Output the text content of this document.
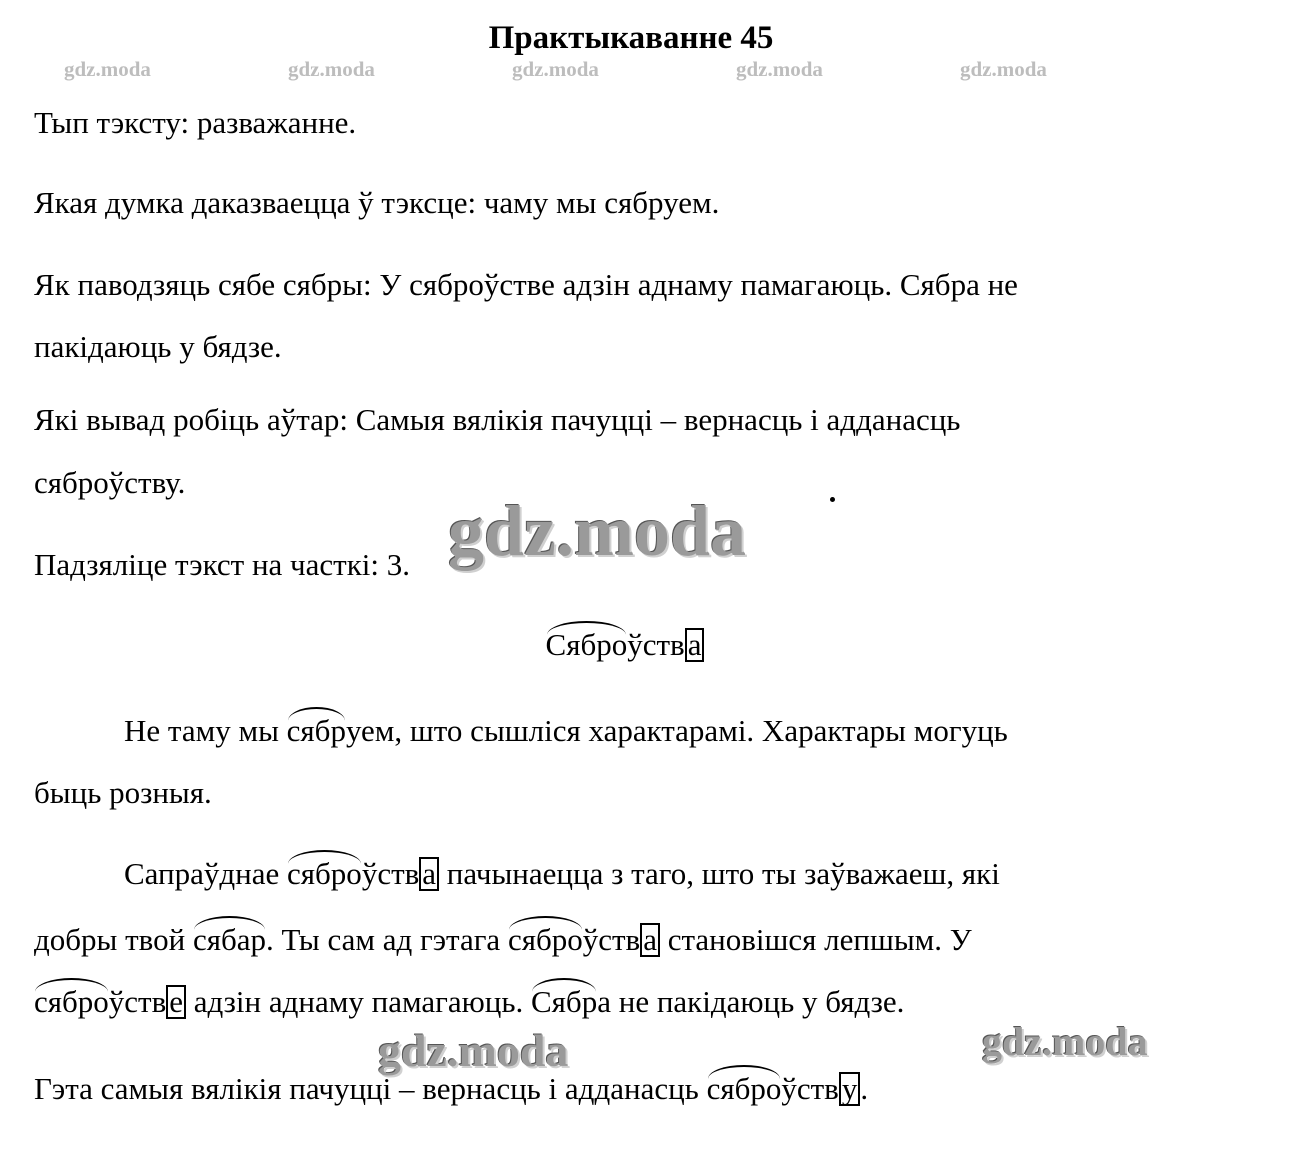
Практыкаванне 45
gdz.moda	gdz.moda	gdz.moda	gdz.moda	gdz.moda
Тып тэксту: разважанне.
Якая думка даказваецца ў тэксце: чаму мы сябруем.
Як паводзяць сябе сябры: У сяброўстве адзін аднаму памагаюць. Сябра не
пакідаюць у бядзе.
Які вывад робіць аўтар: Самыя вялікія пачуцці – вернасць і адданасць
сяброўству.
Падзяліце тэкст на часткі: 3.
Сяброўства
Не таму мы сябруем, што сышліся характарамі. Характары могуць
быць розныя.
Сапраўднае сяброўства пачынаецца з таго, што ты заўважаеш, які
добры твой сябар. Ты сам ад гэтага сяброўства становішся лепшым. У
сяброўстве адзін аднаму памагаюць. Сябра не пакідаюць у бядзе.
Гэта самыя вялікія пачуцці – вернасць і адданасць сяброўству.
gdz.moda
gdz.moda	gdz.moda
